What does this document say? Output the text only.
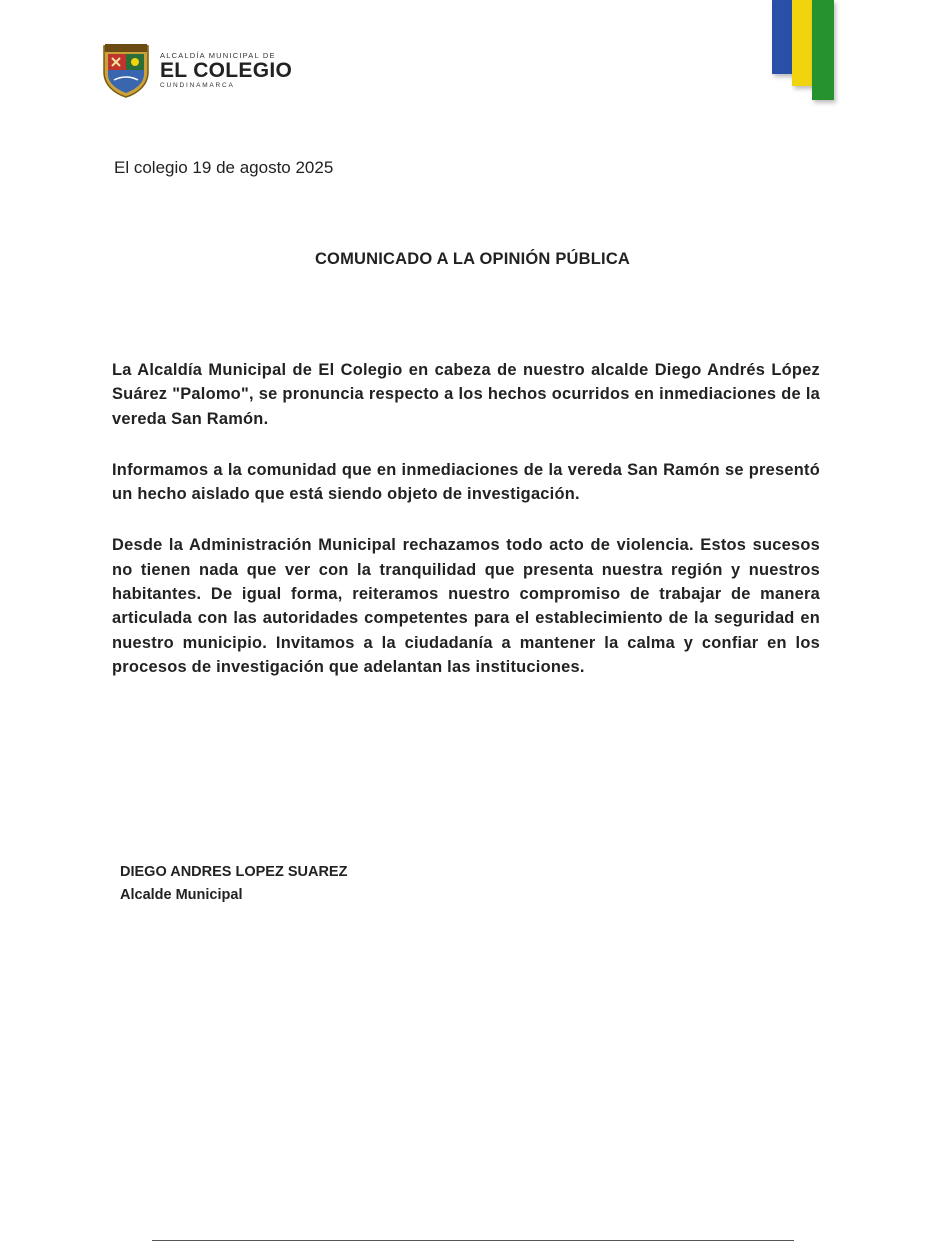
ALCALDÍA MUNICIPAL DE
EL COLEGIO
CUNDINAMARCA
El colegio 19 de agosto 2025
COMUNICADO A LA OPINIÓN PÚBLICA

La Alcaldía Municipal de El Colegio en cabeza de nuestro alcalde Diego Andrés López Suárez "Palomo", se pronuncia respecto a los hechos ocurridos en inmediaciones de la vereda San Ramón.

Informamos a la comunidad que en inmediaciones de la vereda San Ramón se presentó un hecho aislado que está siendo objeto de investigación.

Desde la Administración Municipal rechazamos todo acto de violencia. Estos sucesos no tienen nada que ver con la tranquilidad que presenta nuestra región y nuestros habitantes. De igual forma, reiteramos nuestro compromiso de trabajar de manera articulada con las autoridades competentes para el establecimiento de la seguridad en nuestro municipio. Invitamos a la ciudadanía a mantener la calma y confiar en los procesos de investigación que adelantan las instituciones.

DIEGO ANDRES LOPEZ SUAREZ
Alcalde Municipal
